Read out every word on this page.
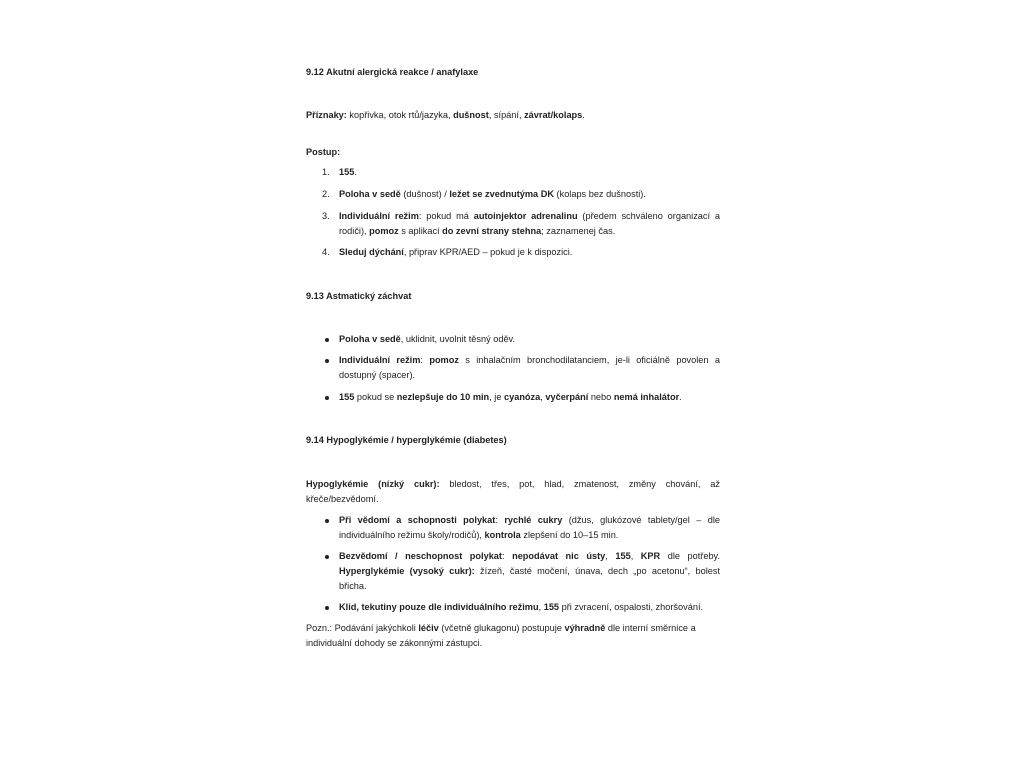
9.12 Akutní alergická reakce / anafylaxe

Příznaky: kopřivka, otok rtů/jazyka, dušnost, sípání, závrat/kolaps.

Postup:

1. 155.
2. Poloha v sedě (dušnost) / ležet se zvednutýma DK (kolaps bez dušnosti).
3. Individuální režim: pokud má autoinjektor adrenalinu (předem schváleno organizací a rodiči), pomoz s aplikací do zevní strany stehna; zaznamenej čas.
4. Sleduj dýchání, připrav KPR/AED – pokud je k dispozici.

9.13 Astmatický záchvat

Poloha v sedě, uklidnit, uvolnit těsný oděv.
Individuální režim: pomoz s inhalačním bronchodilatanciem, je-li oficiálně povolen a dostupný (spacer).
155 pokud se nezlepšuje do 10 min, je cyanóza, vyčerpání nebo nemá inhalátor.

9.14 Hypoglykémie / hyperglykémie (diabetes)

Hypoglykémie (nízký cukr): bledost, třes, pot, hlad, zmatenost, změny chování, až křeče/bezvědomí.

Při vědomí a schopnosti polykat: rychlé cukry (džus, glukózové tablety/gel – dle individuálního režimu školy/rodičů), kontrola zlepšení do 10–15 min.
Bezvědomí / neschopnost polykat: nepodávat nic ústy, 155, KPR dle potřeby. Hyperglykémie (vysoký cukr): žízeň, časté močení, únava, dech „po acetonu“, bolest břicha.
Klid, tekutiny pouze dle individuálního režimu, 155 při zvracení, ospalosti, zhoršování.

Pozn.: Podávání jakýchkoli léčiv (včetně glukagonu) postupuje výhradně dle interní směrnice a individuální dohody se zákonnými zástupci.
